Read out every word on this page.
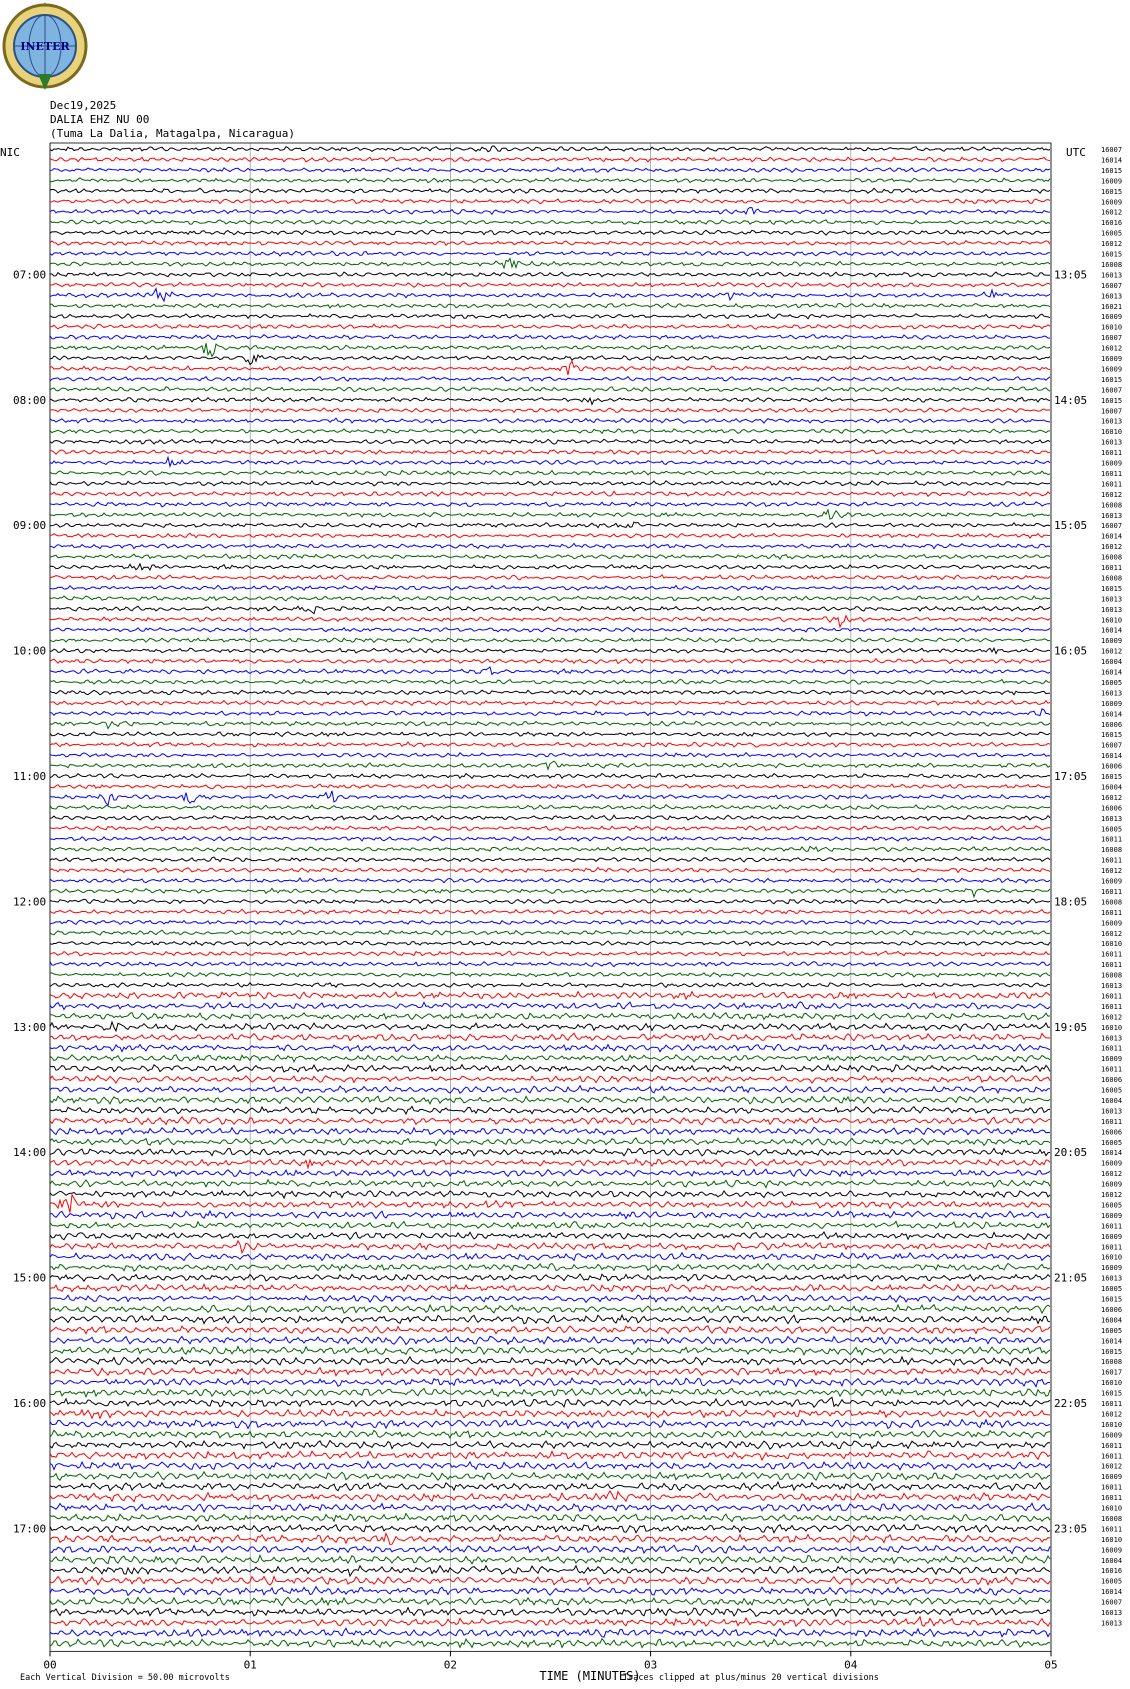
INETER
Dec19,2025
DALIA EHZ NU 00
(Tuma La Dalia, Matagalpa, Nicaragua)
07:00
08:00
09:00
10:00
11:00
12:00
13:00
14:00
15:00
16:00
17:00
13:05
14:05
15:05
16:05
17:05
18:05
19:05
20:05
21:05
22:05
23:05
16007
16014
16015
16009
16015
16009
16012
16016
16005
16012
16015
16008
16013
16007
16013
16021
16009
16010
16007
16012
16009
16009
16015
16007
16015
16007
16013
16010
16013
16011
16009
16011
16011
16012
16008
16013
16007
16014
16012
16008
16011
16008
16015
16013
16013
16010
16014
16009
16012
16004
16014
16005
16013
16009
16014
16006
16015
16007
16014
16006
16015
16004
16012
16006
16013
16005
16011
16008
16011
16012
16009
16011
16008
16011
16009
16012
16010
16011
16011
16008
16013
16011
16011
16012
16010
16013
16011
16009
16011
16006
16005
16004
16013
16011
16006
16005
16014
16009
16012
16009
16012
16005
16009
16011
16009
16011
16010
16009
16013
16005
16015
16006
16004
16005
16014
16015
16008
16017
16010
16015
16011
16012
16010
16009
16011
16011
16012
16009
16011
16011
16010
16008
16011
16010
16009
16004
16016
16005
16014
16007
16013
16013
00	01	02	03	04	05
NIC	UTC
TIME (MINUTES)
Each Vertical Division = 50.00 microvolts	Traces clipped at plus/minus 20 vertical divisions
